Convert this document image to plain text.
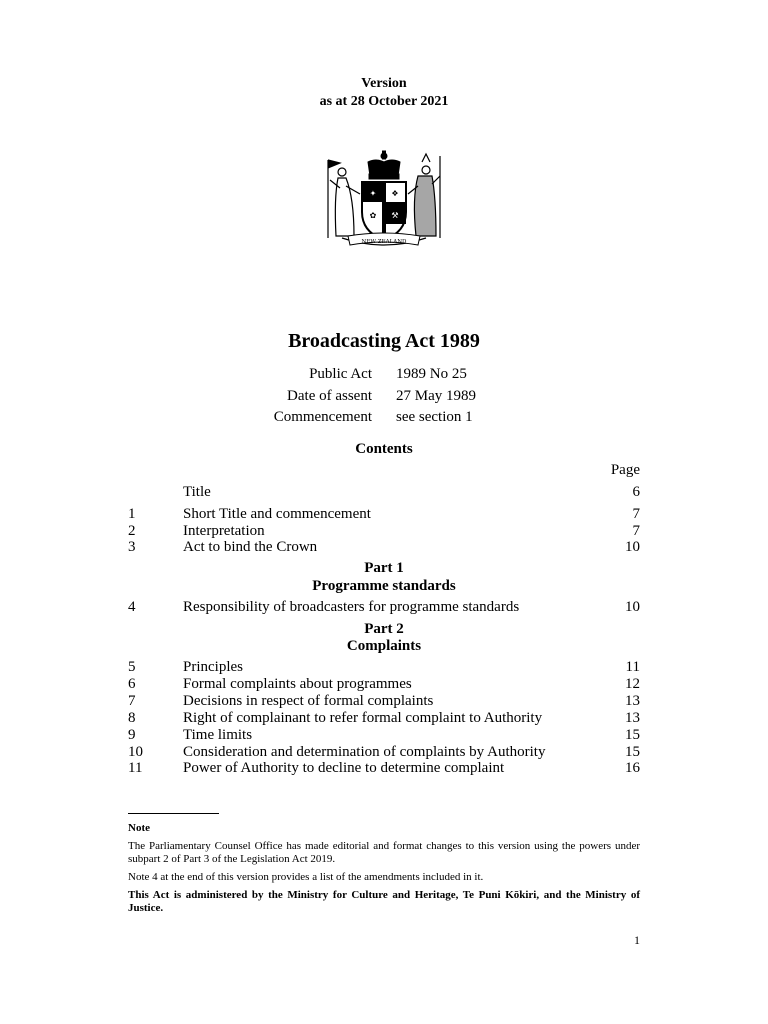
Version
as at 28 October 2021
✦ ❖
✿ ⚒
NEW ZEALAND
Broadcasting Act 1989
Public Act 1989 No 25
Date of assent 27 May 1989
Commencement see section 1
Contents
Page
Title	6
1	Short Title and commencement	7
2	Interpretation	7
3	Act to bind the Crown	10
Part 1
Programme standards
4	Responsibility of broadcasters for programme standards	10
Part 2
Complaints
5	Principles	11
6	Formal complaints about programmes	12
7	Decisions in respect of formal complaints	13
8	Right of complainant to refer formal complaint to Authority	13
9	Time limits	15
10	Consideration and determination of complaints by Authority	15
11	Power of Authority to decline to determine complaint	16
Note
The Parliamentary Counsel Office has made editorial and format changes to this version using the powers under subpart 2 of Part 3 of the Legislation Act 2019.
Note 4 at the end of this version provides a list of the amendments included in it.
This Act is administered by the Ministry for Culture and Heritage, Te Puni Kōkiri, and the Ministry of Justice.
1
